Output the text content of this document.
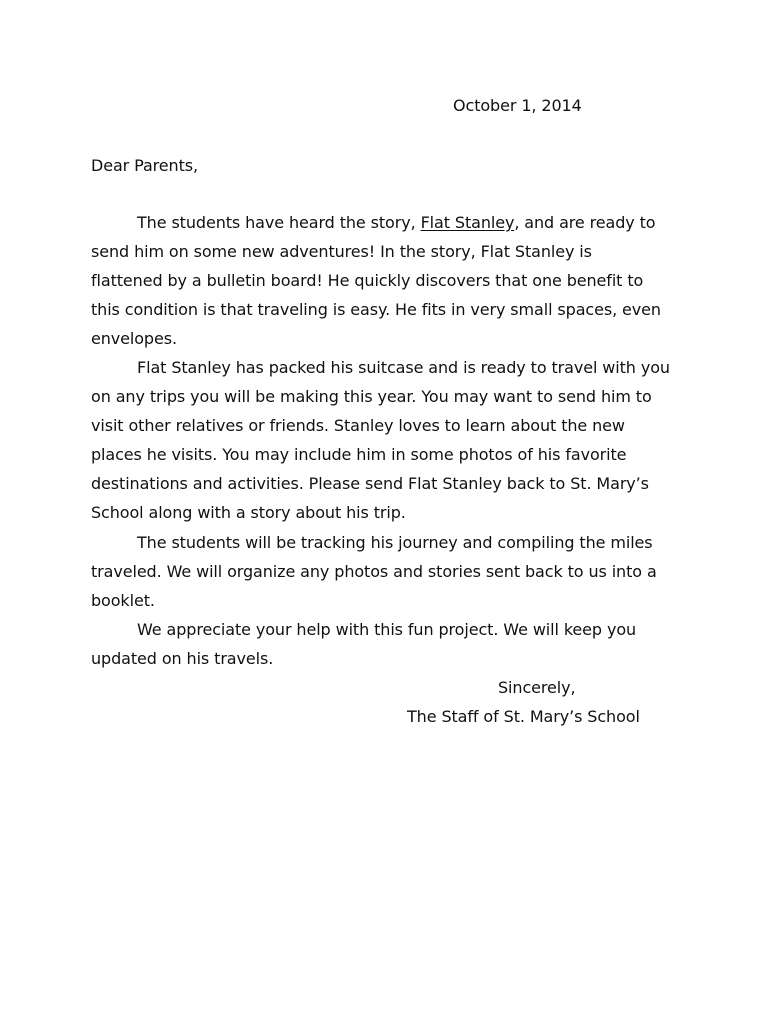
October 1, 2014
Dear Parents,
The students have heard the story, Flat Stanley, and are ready to
send him on some new adventures! In the story, Flat Stanley is
flattened by a bulletin board! He quickly discovers that one benefit to
this condition is that traveling is easy. He fits in very small spaces, even
envelopes.
Flat Stanley has packed his suitcase and is ready to travel with you
on any trips you will be making this year. You may want to send him to
visit other relatives or friends. Stanley loves to learn about the new
places he visits. You may include him in some photos of his favorite
destinations and activities. Please send Flat Stanley back to St. Mary’s
School along with a story about his trip.
The students will be tracking his journey and compiling the miles
traveled. We will organize any photos and stories sent back to us into a
booklet.
We appreciate your help with this fun project. We will keep you
updated on his travels.
Sincerely,
The Staff of St. Mary’s School
